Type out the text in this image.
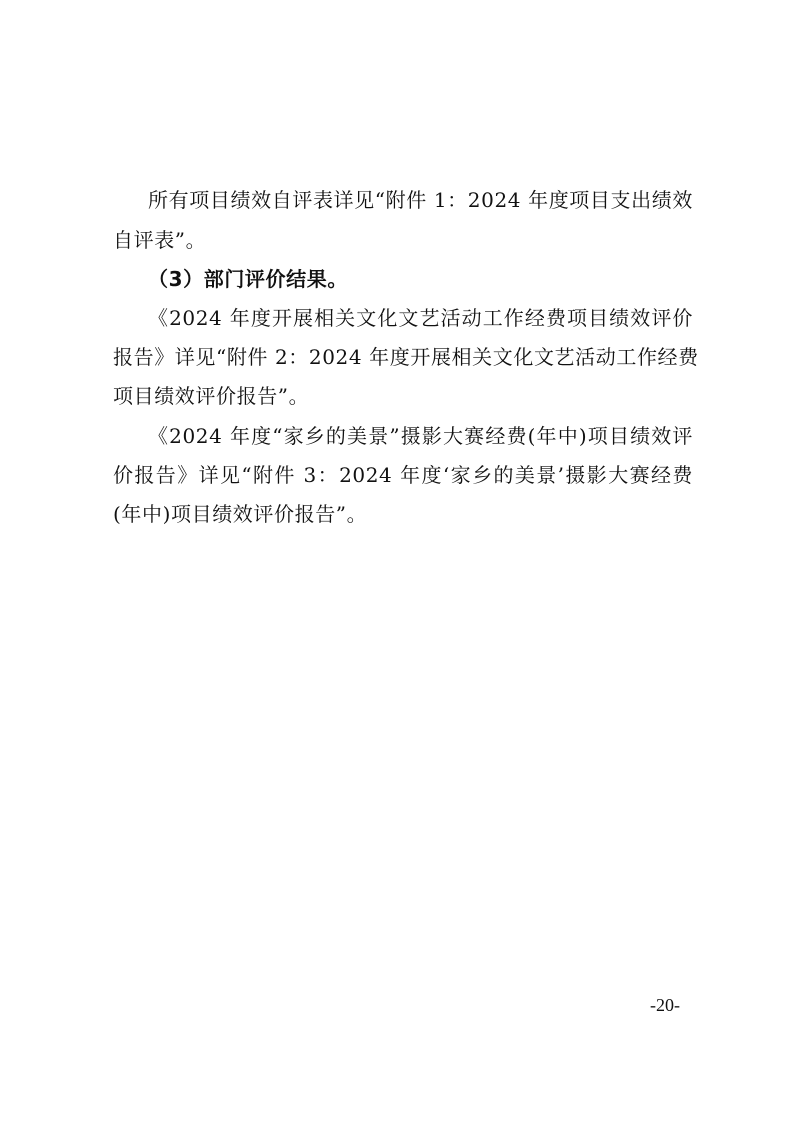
所有项目绩效自评表详见“附件 1：2024 年度项目支出绩效
自评表”。
（3）部门评价结果。
《2024 年度开展相关文化文艺活动工作经费项目绩效评价
报告》详见“附件 2：2024 年度开展相关文化文艺活动工作经费
项目绩效评价报告”。
《2024 年度“家乡的美景”摄影大赛经费(年中)项目绩效评
价报告》详见“附件 3：2024 年度‘家乡的美景’摄影大赛经费
(年中)项目绩效评价报告”。
-20-
